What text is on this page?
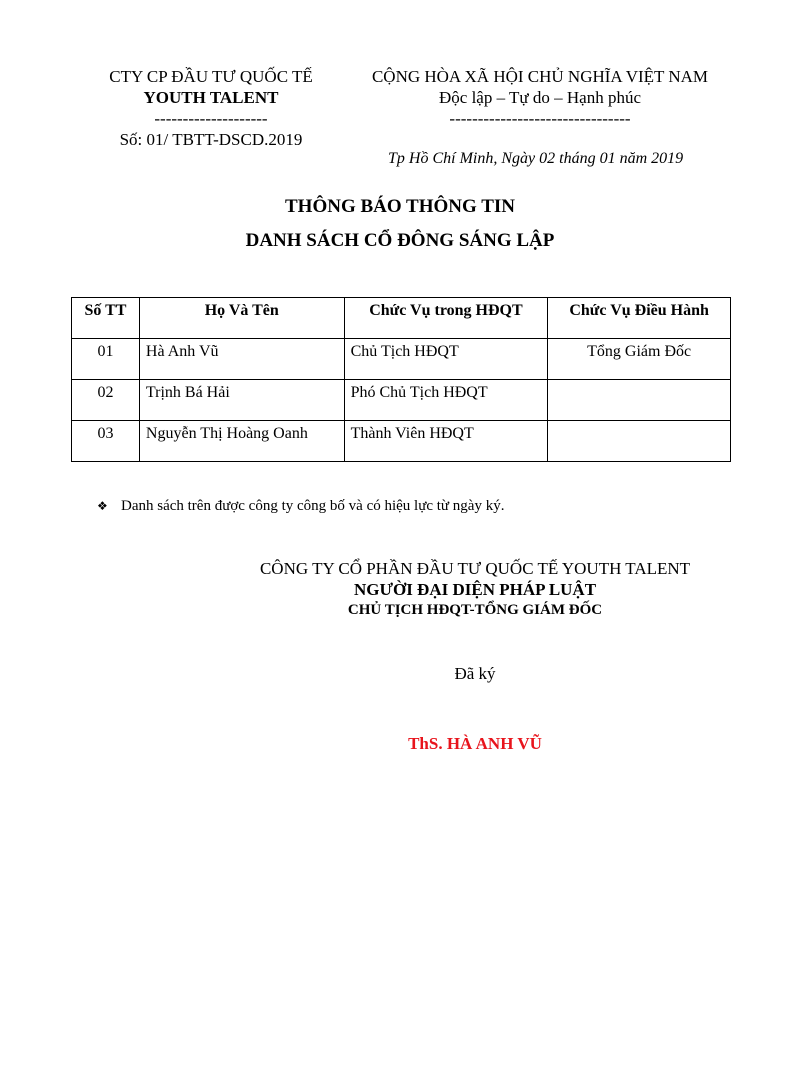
CTY CP ĐẦU TƯ QUỐC TẾ
YOUTH TALENT
--------------------
Số: 01/ TBTT-DSCD.2019
CỘNG HÒA XÃ HỘI CHỦ NGHĨA VIỆT NAM
Độc lập – Tự do – Hạnh phúc
--------------------------------
Tp Hồ Chí Minh, Ngày 02 tháng 01 năm 2019
THÔNG BÁO THÔNG TIN
DANH SÁCH CỔ ĐÔNG SÁNG LẬP
Số TT	Họ Và Tên	Chức Vụ trong HĐQT	Chức Vụ Điều Hành
01	Hà Anh Vũ	Chủ Tịch HĐQT	Tổng Giám Đốc
02	Trịnh Bá Hải	Phó Chủ Tịch HĐQT	
03	Nguyễn Thị Hoàng Oanh	Thành Viên HĐQT	
❖ Danh sách trên được công ty công bố và có hiệu lực từ ngày ký.
CÔNG TY CỔ PHẦN ĐẦU TƯ QUỐC TẾ YOUTH TALENT
NGƯỜI ĐẠI DIỆN PHÁP LUẬT
CHỦ TỊCH HĐQT-TỔNG GIÁM ĐỐC
Đã ký
ThS. HÀ ANH VŨ
